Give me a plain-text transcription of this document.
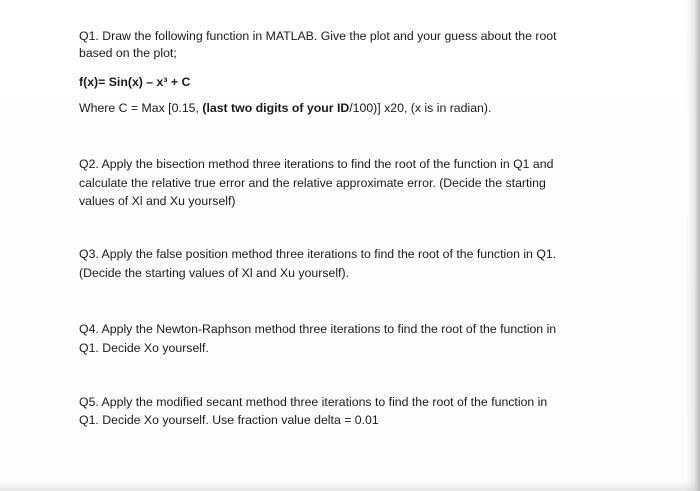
Q1. Draw the following function in MATLAB. Give the plot and your guess about the root
based on the plot;
f(x)= Sin(x) – x³ + C
Where C = Max [0.15, (last two digits of your ID/100)] x20, (x is in radian).
Q2. Apply the bisection method three iterations to find the root of the function in Q1 and
calculate the relative true error and the relative approximate error. (Decide the starting
values of Xl and Xu yourself)
Q3. Apply the false position method three iterations to find the root of the function in Q1.
(Decide the starting values of Xl and Xu yourself).
Q4. Apply the Newton-Raphson method three iterations to find the root of the function in
Q1. Decide Xo yourself.
Q5. Apply the modified secant method three iterations to find the root of the function in
Q1. Decide Xo yourself. Use fraction value delta = 0.01
